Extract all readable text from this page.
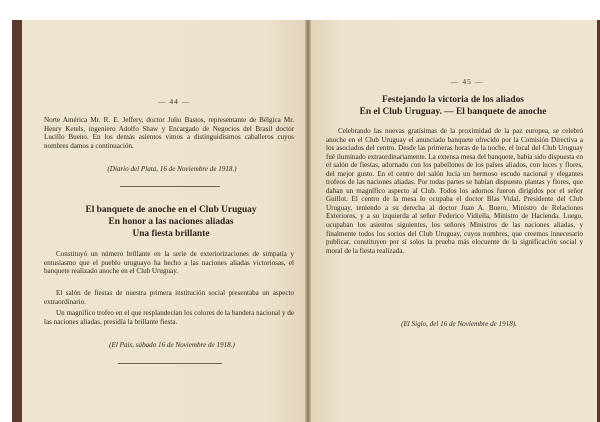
— 44 —

Norte América Mr. R. E. Jeffery, doctor Julio Bastos, representante de Bélgica Mr. Henry Ketels, ingeniero Adolfo Shaw y Encargado de Negocios del Brasil doctor Lucillo Bueno. En los demás asientos vimos a distinguidísimos caballeros cuyos nombres damos a continuación.

(Diario del Plata, 16 de Noviembre de 1918.)

El banquete de anoche en el Club Uruguay

En honor a las naciones aliadas

Una fiesta brillante

Constituyó un número brillante en la serie de exteriorizaciones de simpatía y entusiasmo que el pueblo uruguayo ha hecho a las naciones aliadas victoriosas, el banquete realizado anoche en el Club Uruguay.

El salón de fiestas de nuestra primera institución social presentaba un aspecto extraordinario.

Un magnífico trofeo en el que resplandecían los colores de la bandera nacional y de las naciones aliadas, presidía la brillante fiesta.

(El País, sábado 16 de Noviembre de 1918.)
— 45 —

Festejando la victoria de los aliados

En el Club Uruguay. — El banquete de anoche

Celebrando las nuevas gratísimas de la proximidad de la paz europea, se celebró anoche en el Club Uruguay el anunciado banquete ofrecido por la Comisión Directiva a los asociados del centro. Desde las primeras horas de la noche, el local del Club Uruguay fué iluminado extraordinariamente. La extensa mesa del banquete, había sido dispuesta en el salón de fiestas, adornado con los pabellones de los países aliados, con luces y flores, del mejor gusto. En el centro del salón lucía un hermoso escudo nacional y elegantes trofeos de las naciones aliadas. Por todas partes se habían dispuesto plantas y flores, que daban un magnífico aspecto al Club. Todos los adornos fueron dirigidos por el señor Guillot. El centro de la mesa lo ocupaba el doctor Blas Vidal, Presidente del Club Uruguay, teniendo a su derecha al doctor Juan A. Buero, Ministro de Relaciones Exteriores, y a su izquierda al señor Federico Vidiella, Ministro de Hacienda. Luego, ocupaban los asientos siguientes, los señores Ministros de las naciones aliadas, y finalmente todos los socios del Club Uruguay, cuyos nombres, que creemos innecesario publicar, constituyen por sí solos la prueba más elocuente de la significación social y moral de la fiesta realizada.

(El Siglo, del 16 de Noviembre de 1918).
